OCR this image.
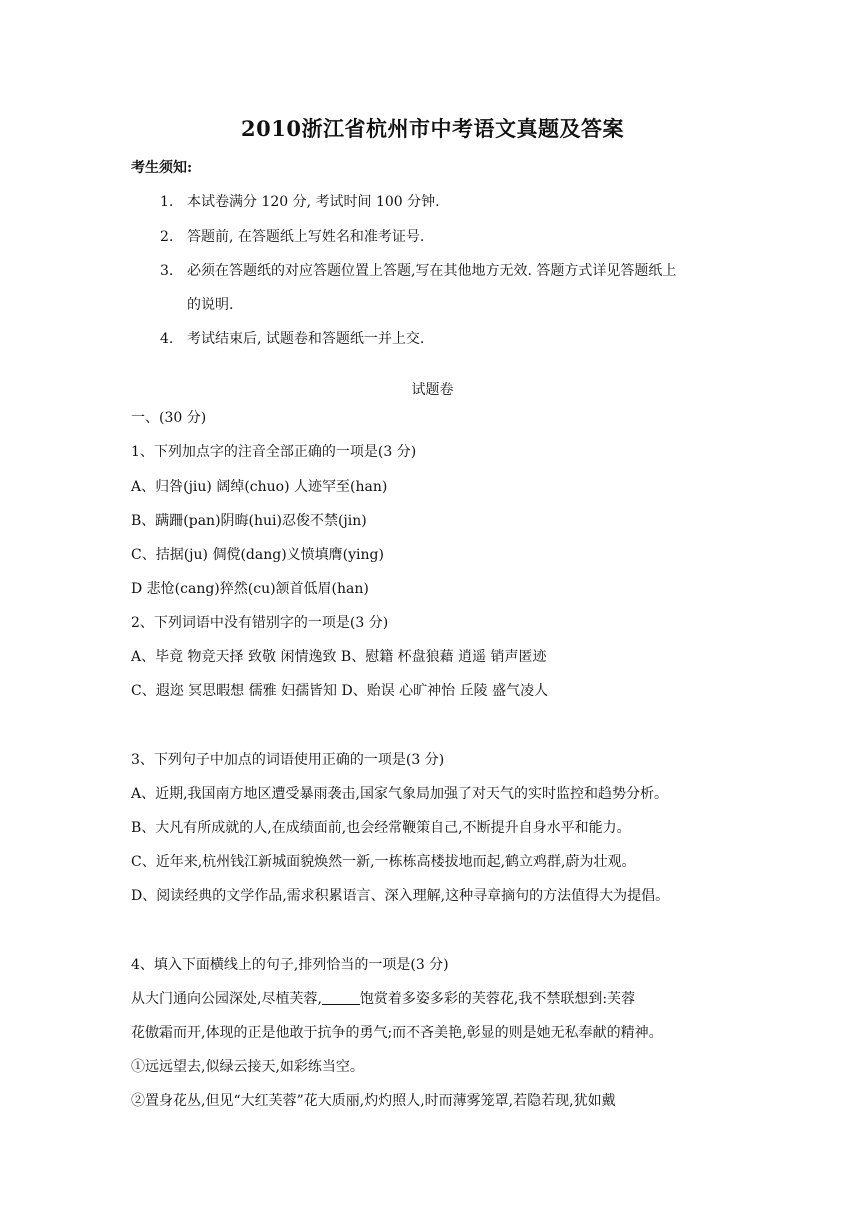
2010浙江省杭州市中考语文真题及答案
考生须知:
1. 本试卷满分 120 分, 考试时间 100 分钟.
2. 答题前, 在答题纸上写姓名和准考证号.
3. 必须在答题纸的对应答题位置上答题,写在其他地方无效. 答题方式详见答题纸上
的说明.
4. 考试结束后, 试题卷和答题纸一并上交.
试题卷
一、(30 分)
1、下列加点字的注音全部正确的一项是(3 分)
A、归咎(jiu) 阔绰(chuo) 人迹罕至(han)
B、蹒跚(pan)阴晦(hui)忍俊不禁(jin)
C、拮据(ju) 倜傥(dang)义愤填膺(ying)
D 悲怆(cang)猝然(cu)颔首低眉(han)
2、下列词语中没有错别字的一项是(3 分)
A、毕竟 物竞天择 致敬 闲情逸致 B、慰籍 杯盘狼藉 逍遥 销声匿迹
C、遐迩 冥思暇想 儒雅 妇孺皆知 D、贻误 心旷神怡 丘陵 盛气凌人
3、下列句子中加点的词语使用正确的一项是(3 分)
A、近期,我国南方地区遭受暴雨袭击,国家气象局加强了对天气的实时监控和趋势分析。
B、大凡有所成就的人,在成绩面前,也会经常鞭策自己,不断提升自身水平和能力。
C、近年来,杭州钱江新城面貌焕然一新,一栋栋高楼拔地而起,鹤立鸡群,蔚为壮观。
D、阅读经典的文学作品,需求积累语言、深入理解,这种寻章摘句的方法值得大为提倡。
4、填入下面横线上的句子,排列恰当的一项是(3 分)
从大门通向公园深处,尽植芙蓉,	饱赏着多姿多彩的芙蓉花,我不禁联想到:芙蓉
花傲霜而开,体现的正是他敢于抗争的勇气;而不吝美艳,彰显的则是她无私奉献的精神。
①远远望去,似绿云接天,如彩练当空。
②置身花丛,但见“大红芙蓉”花大质丽,灼灼照人,时而薄雾笼罩,若隐若现,犹如戴
